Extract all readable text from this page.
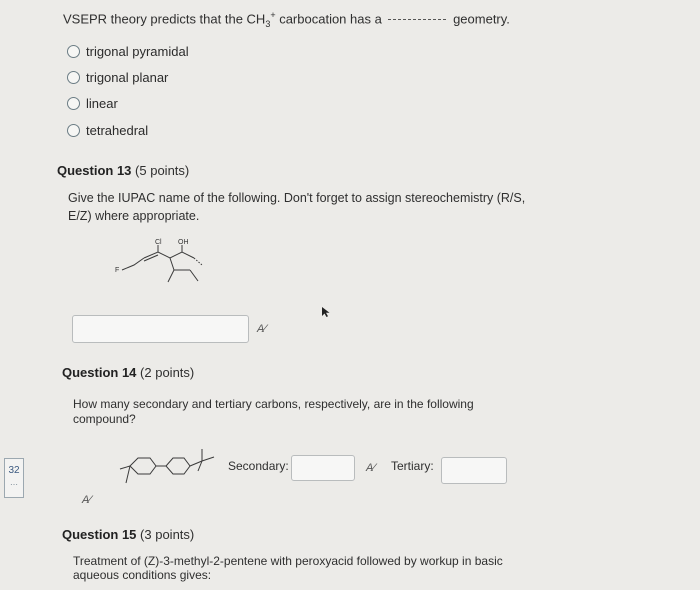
VSEPR theory predicts that the $CH_3^+$ carbocation has a	geometry.
trigonal pyramidal
trigonal planar
linear
tetrahedral
Question 13 (5 points)
Give the IUPAC name of the following. Don't forget to assign stereochemistry (R/S, E/Z) where appropriate.
Cl OH
F
A⁄
Question 14 (2 points)
How many secondary and tertiary carbons, respectively, are in the following compound?
Secondary:	A⁄ Tertiary:
A⁄
32
⋯
Question 15 (3 points)
Treatment of (Z)-3-methyl-2-pentene with peroxyacid followed by workup in basic aqueous conditions gives:
